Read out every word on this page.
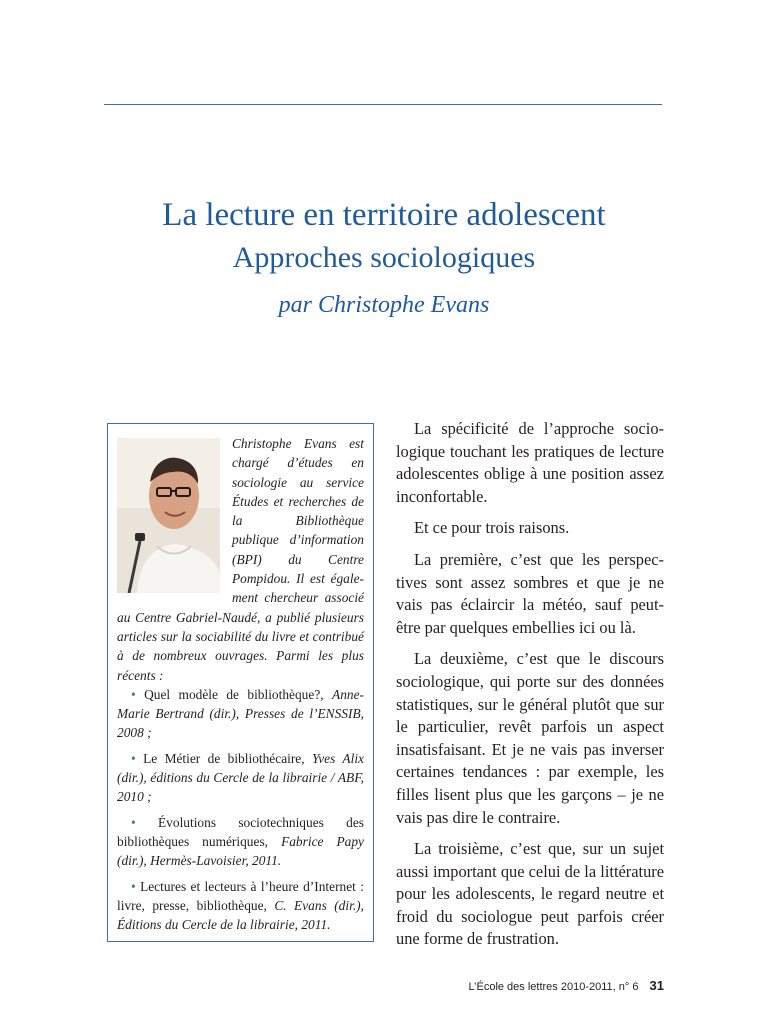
La lecture en territoire adolescent
Approches sociologiques
par Christophe Evans

Christophe Evans est chargé d’études en sociologie au service Études et recherches de la Bibliothèque publique d’information (BPI) du Centre Pompidou. Il est également chercheur associé au Centre Gabriel-Naudé, a publié plusieurs articles sur la sociabilité du livre et contribué à de nombreux ouvrages. Parmi les plus récents :

• Quel modèle de bibliothèque?, Anne-Marie Bertrand (dir.), Presses de l’ENSSIB, 2008 ;
• Le Métier de bibliothécaire, Yves Alix (dir.), éditions du Cercle de la librairie / ABF, 2010 ;
• Évolutions sociotechniques des bibliothèques numériques, Fabrice Papy (dir.), Hermès-Lavoisier, 2011.
• Lectures et lecteurs à l’heure d’Internet : livre, presse, bibliothèque, C. Evans (dir.), Éditions du Cercle de la librairie, 2011.

La spécificité de l’approche sociologique touchant les pratiques de lecture adolescentes oblige à une position assez inconfortable.

Et ce pour trois raisons.

La première, c’est que les perspectives sont assez sombres et que je ne vais pas éclaircir la météo, sauf peut-être par quelques embellies ici ou là.

La deuxième, c’est que le discours sociologique, qui porte sur des données statistiques, sur le général plutôt que sur le particulier, revêt parfois un aspect insatisfaisant. Et je ne vais pas inverser certaines tendances : par exemple, les filles lisent plus que les garçons – je ne vais pas dire le contraire.

La troisième, c’est que, sur un sujet aussi important que celui de la littérature pour les adolescents, le regard neutre et froid du sociologue peut parfois créer une forme de frustration.

L’École des lettres 2010-2011, n° 6 31
